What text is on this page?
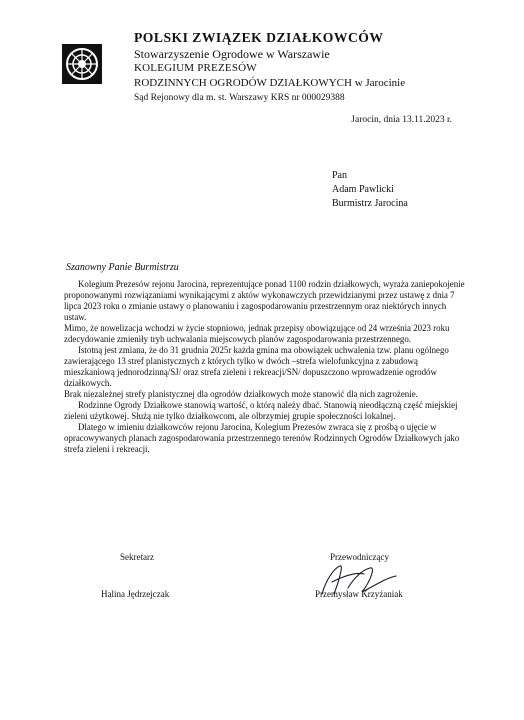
POLSKI ZWIĄZEK DZIAŁKOWCÓW
Stowarzyszenie Ogrodowe w Warszawie
KOLEGIUM PREZESÓW
RODZINNYCH OGRODÓW DZIAŁKOWYCH w Jarocinie
Sąd Rejonowy dla m. st. Warszawy KRS nr 000029388
Jarocin, dnia 13.11.2023 r.
Pan
Adam Pawlicki
Burmistrz Jarocina
Szanowny Panie Burmistrzu

Kolegium Prezesów rejonu Jarocina, reprezentujące ponad 1100 rodzin działkowych, wyraża zaniepokojenie proponowanymi rozwiązaniami wynikającymi z aktów wykonawczych przewidzianymi przez ustawę z dnia 7 lipca 2023 roku o zmianie ustawy o planowaniu i zagospodarowaniu przestrzennym oraz niektórych innych ustaw.

Mimo, że nowelizacja wchodzi w życie stopniowo, jednak przepisy obowiązujące od 24 września 2023 roku zdecydowanie zmieniły tryb uchwalania miejscowych planów zagospodarowania przestrzennego.

Istotną jest zmiana, że do 31 grudnia 2025r każda gmina ma obowiązek uchwalenia tzw. planu ogólnego zawierającego 13 stref planistycznych z których tylko w dwóch –strefa wielofunkcyjna z zabudową mieszkaniową jednorodzinną/SJ/ oraz strefa zieleni i rekreacji/SN/ dopuszczono wprowadzenie ogrodów działkowych.

Brak niezależnej strefy planistycznej dla ogrodów działkowych może stanowić dla nich zagrożenie.

Rodzinne Ogrody Działkowe stanowią wartość, o którą należy dbać. Stanowią nieodłączną część miejskiej zieleni użytkowej. Służą nie tylko działkowcom, ale olbrzymiej grupie społeczności lokalnej.

Dlatego w imieniu działkowców rejonu Jarocina, Kolegium Prezesów zwraca się z prośbą o ujęcie w opracowywanych planach zagospodarowania przestrzennego terenów Rodzinnych Ogrodów Działkowych jako strefa zieleni i rekreacji.

Sekretarz	Przewodniczący
Halina Jędrzejczak	Przemysław Krzyżaniak
